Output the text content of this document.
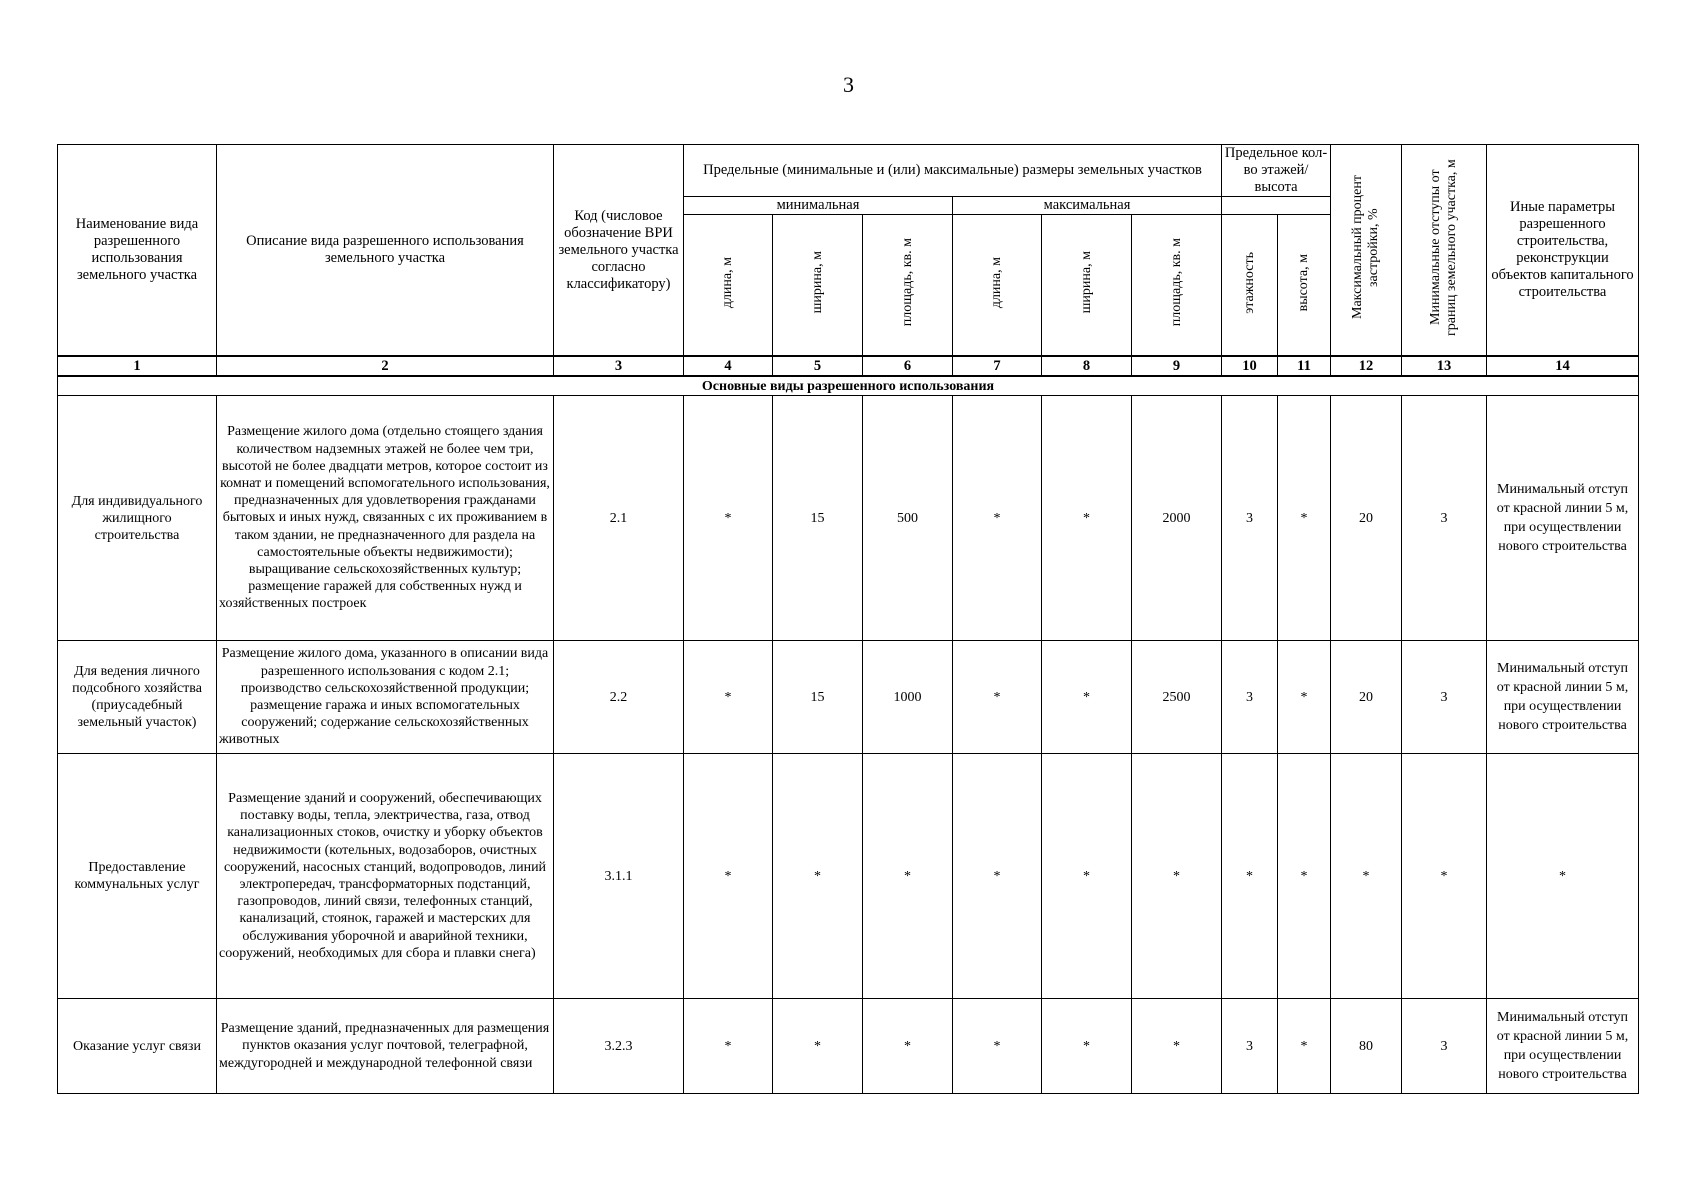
3
Наименование вида разрешенного использования земельного участка	Описание вида разрешенного использования земельного участка	Код (числовое обозначение ВРИ земельного участка согласно классификатору)	Предельные (минимальные и (или) максимальные) размеры земельных участков						Предельное кол-во этажей/высота		Максимальный процент застройки, %	Минимальные отступы от границ земельного участка, м	Иные параметры разрешенного строительства, реконструкции объектов капитального строительства
			минимальная			максимальная							
			длина, м	ширина, м	площадь, кв. м	длина, м	ширина, м	площадь, кв. м	этажность	высота, м			
1	2	3	4	5	6	7	8	9	10	11	12	13	14
Основные виды разрешенного использования													
Для индивидуального жилищного строительства	Размещение жилого дома (отдельно стоящего здания количеством надземных этажей не более чем три, высотой не более двадцати метров, которое состоит из комнат и помещений вспомогательного использования, предназначенных для удовлетворения гражданами бытовых и иных нужд, связанных с их проживанием в таком здании, не предназначенного для раздела на самостоятельные объекты недвижимости); выращивание сельскохозяйственных культур; размещение гаражей для собственных нужд и хозяйственных построек	2.1	*	15	500	*	*	2000	3	*	20	3	Минимальный отступ от красной линии 5 м, при осуществлении нового строительства
Для ведения личного подсобного хозяйства (приусадебный земельный участок)	Размещение жилого дома, указанного в описании вида разрешенного использования с кодом 2.1; производство сельскохозяйственной продукции; размещение гаража и иных вспомогательных сооружений; содержание сельскохозяйственных животных	2.2	*	15	1000	*	*	2500	3	*	20	3	Минимальный отступ от красной линии 5 м, при осуществлении нового строительства
Предоставление коммунальных услуг	Размещение зданий и сооружений, обеспечивающих поставку воды, тепла, электричества, газа, отвод канализационных стоков, очистку и уборку объектов недвижимости (котельных, водозаборов, очистных сооружений, насосных станций, водопроводов, линий электропередач, трансформаторных подстанций, газопроводов, линий связи, телефонных станций, канализаций, стоянок, гаражей и мастерских для обслуживания уборочной и аварийной техники, сооружений, необходимых для сбора и плавки снега)	3.1.1	*	*	*	*	*	*	*	*	*	*	*
Оказание услуг связи	Размещение зданий, предназначенных для размещения пунктов оказания услуг почтовой, телеграфной, междугородней и международной телефонной связи	3.2.3	*	*	*	*	*	*	3	*	80	3	Минимальный отступ от красной линии 5 м, при осуществлении нового строительства
